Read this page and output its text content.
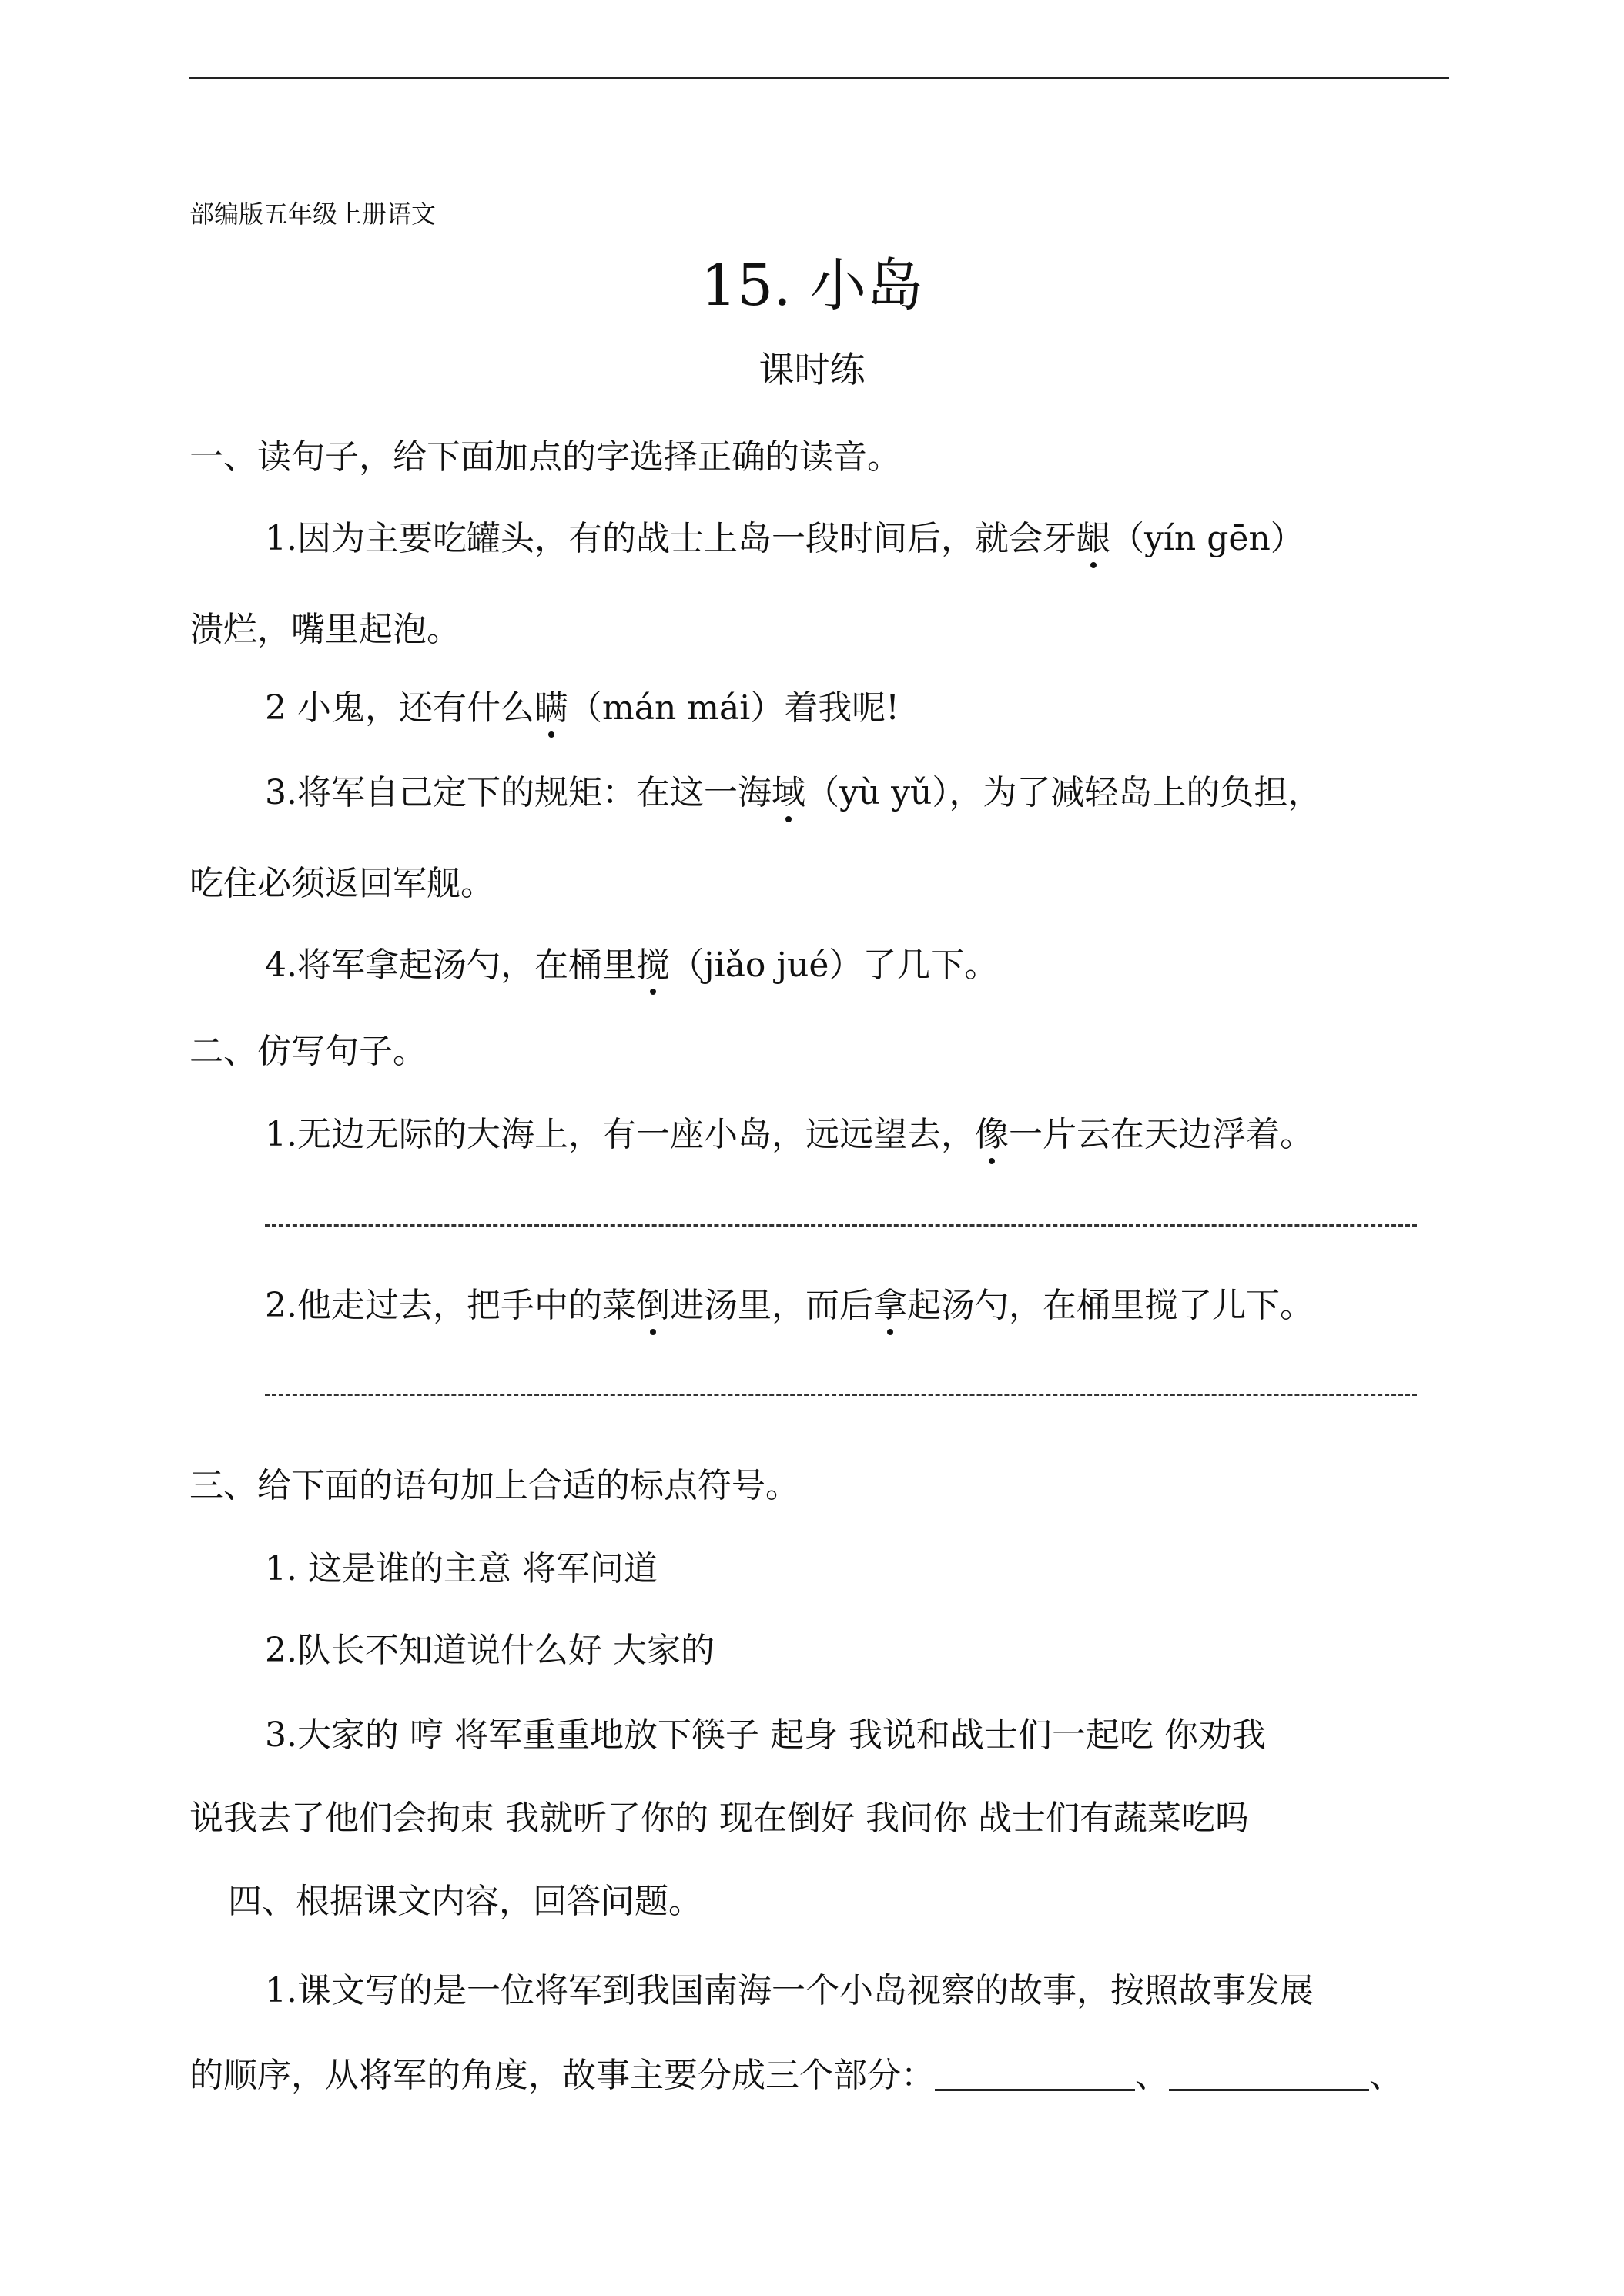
部编版五年级上册语文
15. 小岛
课时练
一、读句子，给下面加点的字选择正确的读音。
1.因为主要吃罐头，有的战士上岛一段时间后，就会牙龈（yín gēn）
溃烂，嘴里起泡。
2 小鬼，还有什么瞒（mán mái）着我呢!
3.将军自己定下的规矩：在这一海域（yù yǔ），为了减轻岛上的负担，
吃住必须返回军舰。
4.将军拿起汤勺，在桶里搅（jiǎo jué）了几下。
二、仿写句子。
1.无边无际的大海上，有一座小岛，远远望去，像一片云在天边浮着。
2.他走过去，把手中的菜倒进汤里，而后拿起汤勺，在桶里搅了儿下。
三、给下面的语句加上合适的标点符号。
1. 这是谁的主意 将军问道
2.队长不知道说什么好 大家的
3.大家的 哼 将军重重地放下筷子 起身 我说和战士们一起吃 你劝我
说我去了他们会拘束 我就听了你的 现在倒好 我问你 战士们有蔬菜吃吗
四、根据课文内容，回答问题。
1.课文写的是一位将军到我国南海一个小岛视察的故事，按照故事发展
的顺序，从将军的角度，故事主要分成三个部分：	、	、
